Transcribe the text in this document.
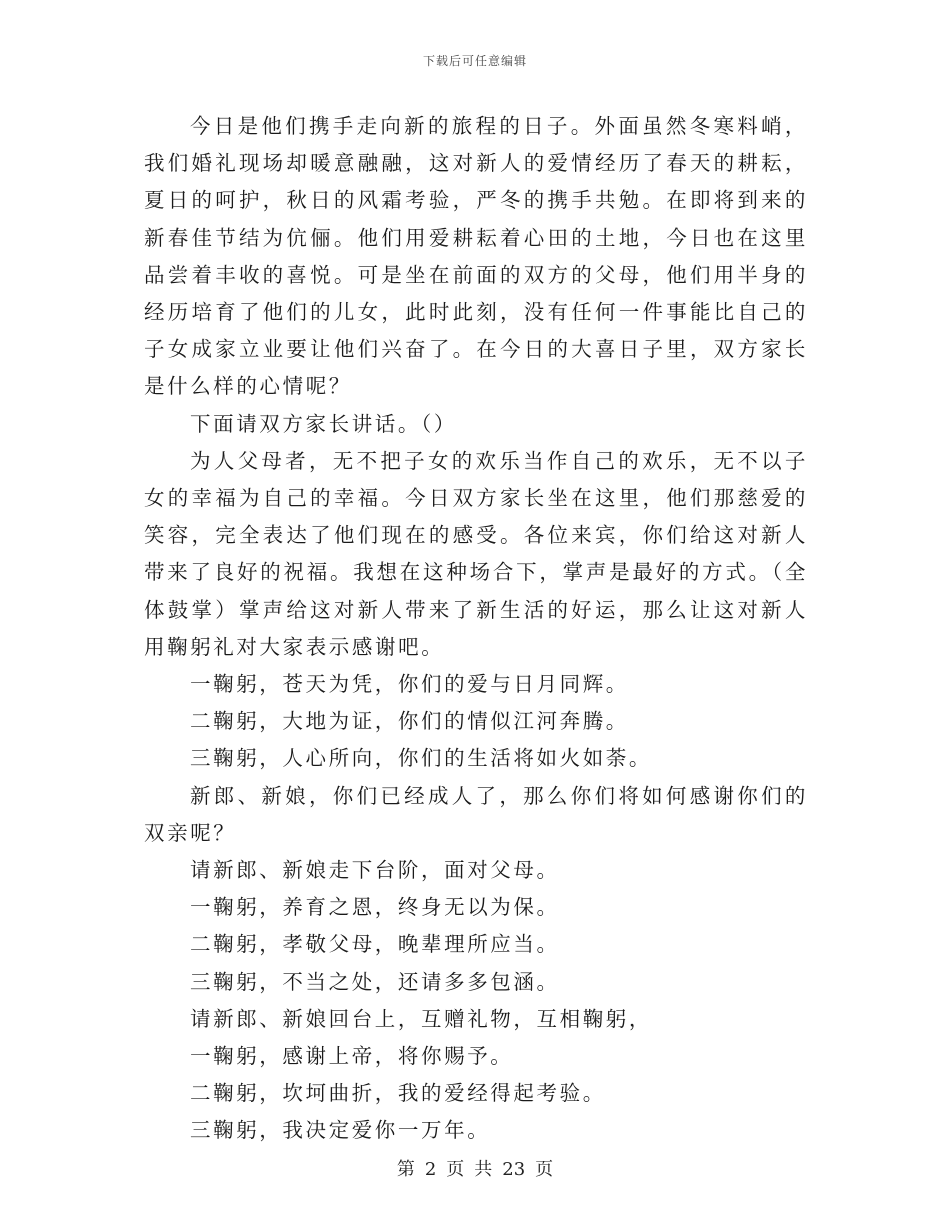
下载后可任意编辑

今日是他们携手走向新的旅程的日子。外面虽然冬寒料峭，我们婚礼现场却暖意融融，这对新人的爱情经历了春天的耕耘，夏日的呵护，秋日的风霜考验，严冬的携手共勉。在即将到来的新春佳节结为伉俪。他们用爱耕耘着心田的土地，今日也在这里品尝着丰收的喜悦。可是坐在前面的双方的父母，他们用半身的经历培育了他们的儿女，此时此刻，没有任何一件事能比自己的子女成家立业要让他们兴奋了。在今日的大喜日子里，双方家长是什么样的心情呢？

下面请双方家长讲话。（）

为人父母者，无不把子女的欢乐当作自己的欢乐，无不以子女的幸福为自己的幸福。今日双方家长坐在这里，他们那慈爱的笑容，完全表达了他们现在的感受。各位来宾，你们给这对新人带来了良好的祝福。我想在这种场合下，掌声是最好的方式。（全体鼓掌）掌声给这对新人带来了新生活的好运，那么让这对新人用鞠躬礼对大家表示感谢吧。

一鞠躬，苍天为凭，你们的爱与日月同辉。

二鞠躬，大地为证，你们的情似江河奔腾。

三鞠躬，人心所向，你们的生活将如火如荼。

新郎、新娘，你们已经成人了，那么你们将如何感谢你们的双亲呢？

请新郎、新娘走下台阶，面对父母。

一鞠躬，养育之恩，终身无以为保。

二鞠躬，孝敬父母，晚辈理所应当。

三鞠躬，不当之处，还请多多包涵。

请新郎、新娘回台上，互赠礼物，互相鞠躬，

一鞠躬，感谢上帝，将你赐予。

二鞠躬，坎坷曲折，我的爱经得起考验。

三鞠躬，我决定爱你一万年。

第 2 页 共 23 页
